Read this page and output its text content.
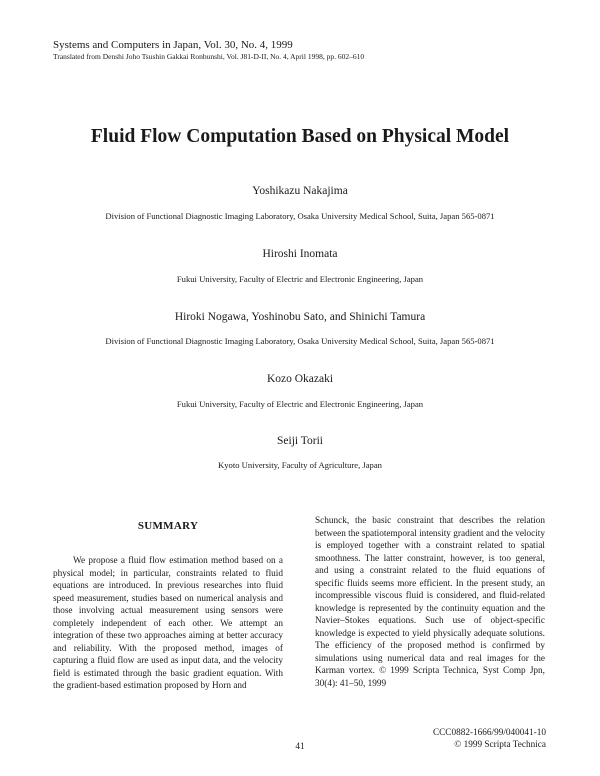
Systems and Computers in Japan, Vol. 30, No. 4, 1999
Translated from Denshi Joho Tsushin Gakkai Ronbunshi, Vol. J81-D-II, No. 4, April 1998, pp. 602–610
Fluid Flow Computation Based on Physical Model
Yoshikazu Nakajima
Division of Functional Diagnostic Imaging Laboratory, Osaka University Medical School, Suita, Japan 565-0871
Hiroshi Inomata
Fukui University, Faculty of Electric and Electronic Engineering, Japan
Hiroki Nogawa, Yoshinobu Sato, and Shinichi Tamura
Division of Functional Diagnostic Imaging Laboratory, Osaka University Medical School, Suita, Japan 565-0871
Kozo Okazaki
Fukui University, Faculty of Electric and Electronic Engineering, Japan
Seiji Torii
Kyoto University, Faculty of Agriculture, Japan
SUMMARY
We propose a fluid flow estimation method based on a physical model; in particular, constraints related to fluid equations are introduced. In previous researches into fluid speed measurement, studies based on numerical analysis and those involving actual measurement using sensors were completely independent of each other. We attempt an integration of these two approaches aiming at better accuracy and reliability. With the proposed method, images of capturing a fluid flow are used as input data, and the velocity field is estimated through the basic gradient equation. With the gradient-based estimation proposed by Horn and
Schunck, the basic constraint that describes the relation between the spatiotemporal intensity gradient and the velocity is employed together with a constraint related to spatial smoothness. The latter constraint, however, is too general, and using a constraint related to the fluid equations of specific fluids seems more efficient. In the present study, an incompressible viscous fluid is considered, and fluid-related knowledge is represented by the continuity equation and the Navier–Stokes equations. Such use of object-specific knowledge is expected to yield physically adequate solutions. The efficiency of the proposed method is confirmed by simulations using numerical data and real images for the Karman vortex. © 1999 Scripta Technica, Syst Comp Jpn, 30(4): 41–50, 1999
CCC0882-1666/99/040041-10
© 1999 Scripta Technica
41
